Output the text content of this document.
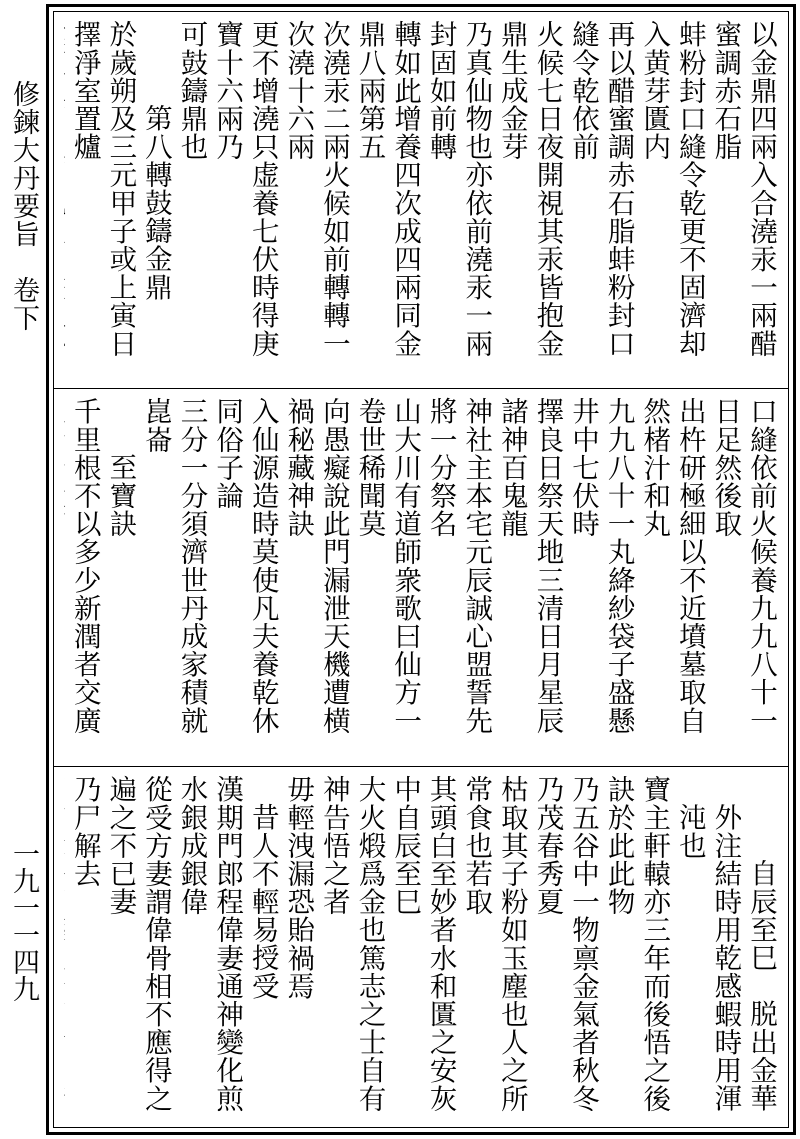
修鍊大丹要旨　卷下
一九一一四九

以金鼎四兩入合澆汞一兩醋蜜調赤石脂

蚌粉封口縫令乾更不固濟却入黄芽匱内

再以醋蜜調赤石脂蚌粉封口縫令乾依前

火候七日夜開視其汞皆抱金鼎生成金芽

乃真仙物也亦依前澆汞一兩封固如前轉

轉如此增養四次成四兩同金鼎八兩第五

次澆汞二兩火候如前轉轉一次澆十六兩

更不增澆只虚養七伏時得庚寶十六兩乃

可鼓鑄鼎也

第八轉鼓鑄金鼎

於歲朔及三元甲子或上寅日擇淨室置爐

口縫依前火候養九九八十一日足然後取

出杵研極細以不近墳墓取自然楮汁和丸

九九八十一丸絳紗袋子盛懸井中七伏時

擇良日祭天地三清日月星辰諸神百鬼龍

神社主本宅元辰誠心盟誓先將一分祭名

山大川有道師衆歌曰仙方一卷世稀聞莫

向愚癡說此門漏泄天機遭横禍秘藏神訣

入仙源造時莫使凡夫養乾休同俗子論

三分一分須濟世丹成家積就崑崙

至寶訣

千里根不以多少新潤者交廣

自辰至巳　脱出金華

外注結時用乾感蝦時用渾沌也

寶主軒轅亦三年而後悟之後訣於此此物

乃五谷中一物禀金氣者秋冬乃茂春秀夏

枯取其子粉如玉塵也人之所常食也若取

其頭白至妙者水和匱之安灰中自辰至巳

大火煅爲金也篤志之士自有神告悟之者

毋輕洩漏恐貽禍焉

昔人不輕易授受

漢期門郎程偉妻通神變化煎水銀成銀偉

從受方妻謂偉骨相不應得之遍之不已妻

乃尸解去
